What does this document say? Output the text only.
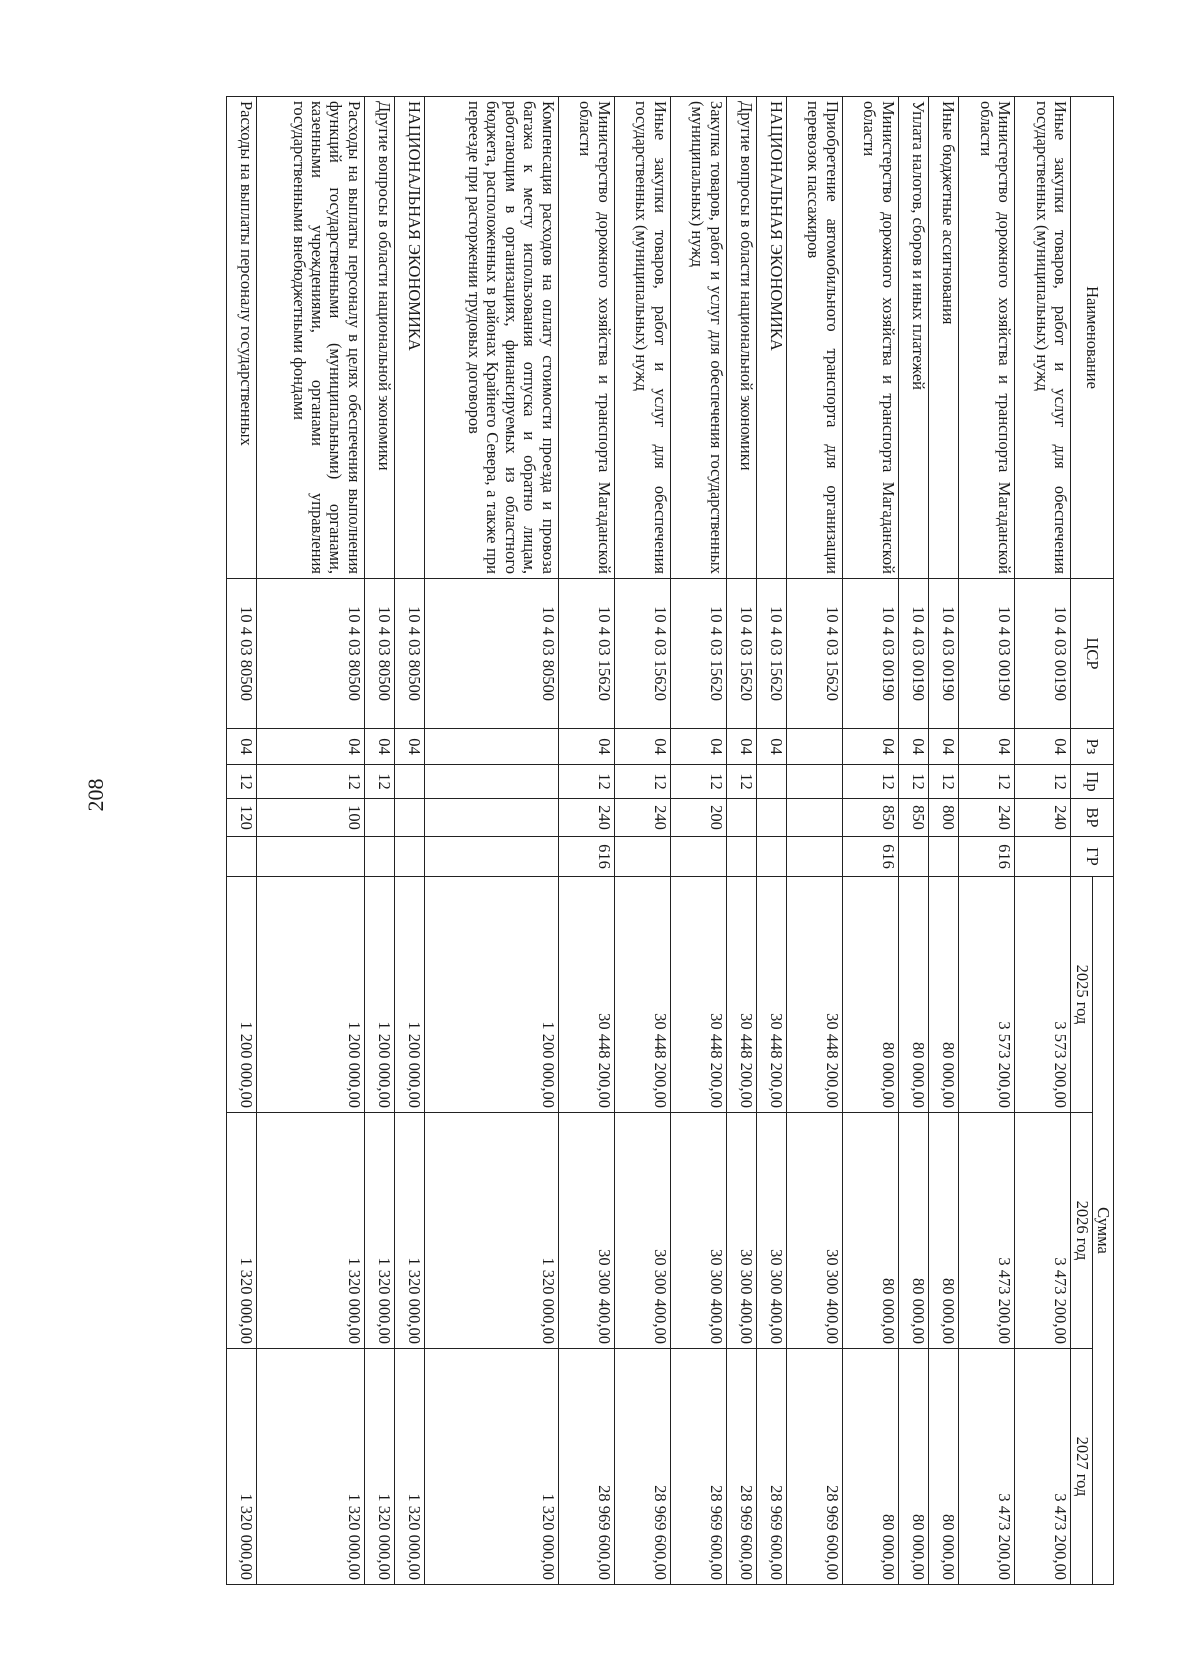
208
Наименование	ЦСР	Рз	Пр	ВР	ГР	Сумма		
						2025 год	2026 год	2027 год
Иные закупки товаров, работ и услуг для обеспечения государственных (муниципальных) нужд	10 4 03 00190	04	12	240		3 573 200,00	3 473 200,00	3 473 200,00
Министерство дорожного хозяйства и транспорта Магаданской области	10 4 03 00190	04	12	240	616	3 573 200,00	3 473 200,00	3 473 200,00
Иные бюджетные ассигнования	10 4 03 00190	04	12	800		80 000,00	80 000,00	80 000,00
Уплата налогов, сборов и иных платежей	10 4 03 00190	04	12	850		80 000,00	80 000,00	80 000,00
Министерство дорожного хозяйства и транспорта Магаданской области	10 4 03 00190	04	12	850	616	80 000,00	80 000,00	80 000,00
Приобретение автомобильного транспорта для организации перевозок пассажиров	10 4 03 15620					30 448 200,00	30 300 400,00	28 969 600,00
НАЦИОНАЛЬНАЯ ЭКОНОМИКА	10 4 03 15620	04				30 448 200,00	30 300 400,00	28 969 600,00
Другие вопросы в области национальной экономики	10 4 03 15620	04	12			30 448 200,00	30 300 400,00	28 969 600,00
Закупка товаров, работ и услуг для обеспечения государственных (муниципальных) нужд	10 4 03 15620	04	12	200		30 448 200,00	30 300 400,00	28 969 600,00
Иные закупки товаров, работ и услуг для обеспечения государственных (муниципальных) нужд	10 4 03 15620	04	12	240		30 448 200,00	30 300 400,00	28 969 600,00
Министерство дорожного хозяйства и транспорта Магаданской области	10 4 03 15620	04	12	240	616	30 448 200,00	30 300 400,00	28 969 600,00
Компенсация расходов на оплату стоимости проезда и провоза багажа к месту использования отпуска и обратно лицам, работающим в организациях, финансируемых из областного бюджета, расположенных в районах Крайнего Севера, а также при переезде при расторжении трудовых договоров	10 4 03 80500					1 200 000,00	1 320 000,00	1 320 000,00
НАЦИОНАЛЬНАЯ ЭКОНОМИКА	10 4 03 80500	04				1 200 000,00	1 320 000,00	1 320 000,00
Другие вопросы в области национальной экономики	10 4 03 80500	04	12			1 200 000,00	1 320 000,00	1 320 000,00
Расходы на выплаты персоналу в целях обеспечения выполнения функций государственными (муниципальными) органами, казенными учреждениями, органами управления государственными внебюджетными фондами	10 4 03 80500	04	12	100		1 200 000,00	1 320 000,00	1 320 000,00
Расходы на выплаты персоналу государственных	10 4 03 80500	04	12	120		1 200 000,00	1 320 000,00	1 320 000,00
